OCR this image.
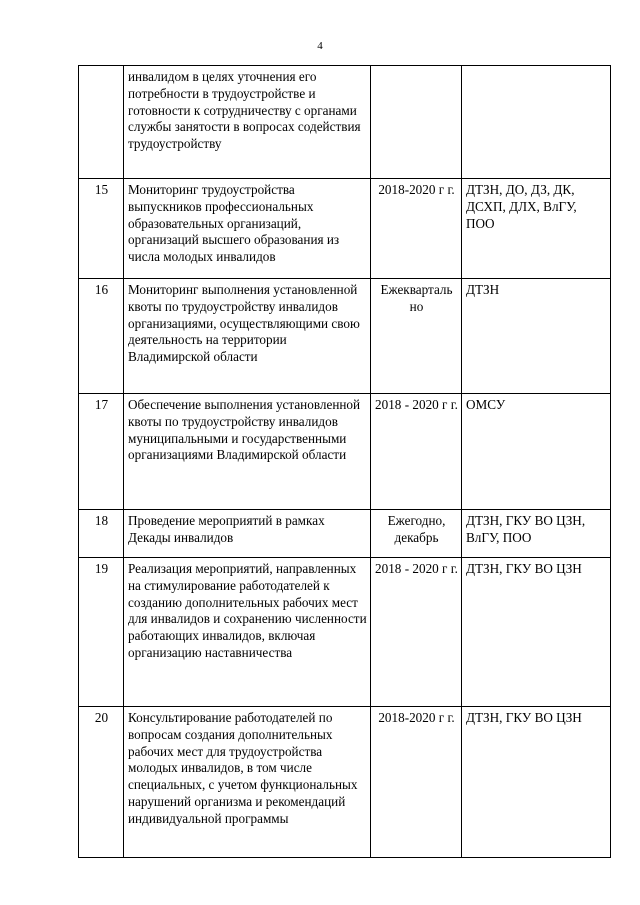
4
	инвалидом в целях уточнения его потребности в трудоустройстве и готовности к сотрудничеству с органами службы занятости в вопросах содействия трудоустройству		
15	Мониторинг трудоустройства выпускников профессиональных образовательных организаций, организаций высшего образования из числа молодых инвалидов	2018-2020 г г.	ДТЗН, ДО, ДЗ, ДК, ДСХП, ДЛХ, ВлГУ, ПОО
16	Мониторинг выполнения установленной квоты по трудоустройству инвалидов организациями, осуществляющими свою деятельность на территории Владимирской области	Ежекварталь но	ДТЗН
17	Обеспечение выполнения установленной квоты по трудоустройству инвалидов муниципальными и государственными организациями Владимирской области	2018 - 2020 г г.	ОМСУ
18	Проведение мероприятий в рамках Декады инвалидов	Ежегодно, декабрь	ДТЗН, ГКУ ВО ЦЗН, ВлГУ, ПОО
19	Реализация мероприятий, направленных на стимулирование работодателей к созданию дополнительных рабочих мест для инвалидов и сохранению численности работающих инвалидов, включая организацию наставничества	2018 - 2020 г г.	ДТЗН, ГКУ ВО ЦЗН
20	Консультирование работодателей по вопросам создания дополнительных рабочих мест для трудоустройства молодых инвалидов, в том числе специальных, с учетом функциональных нарушений организма и рекомендаций индивидуальной программы	2018-2020 г г.	ДТЗН, ГКУ ВО ЦЗН
